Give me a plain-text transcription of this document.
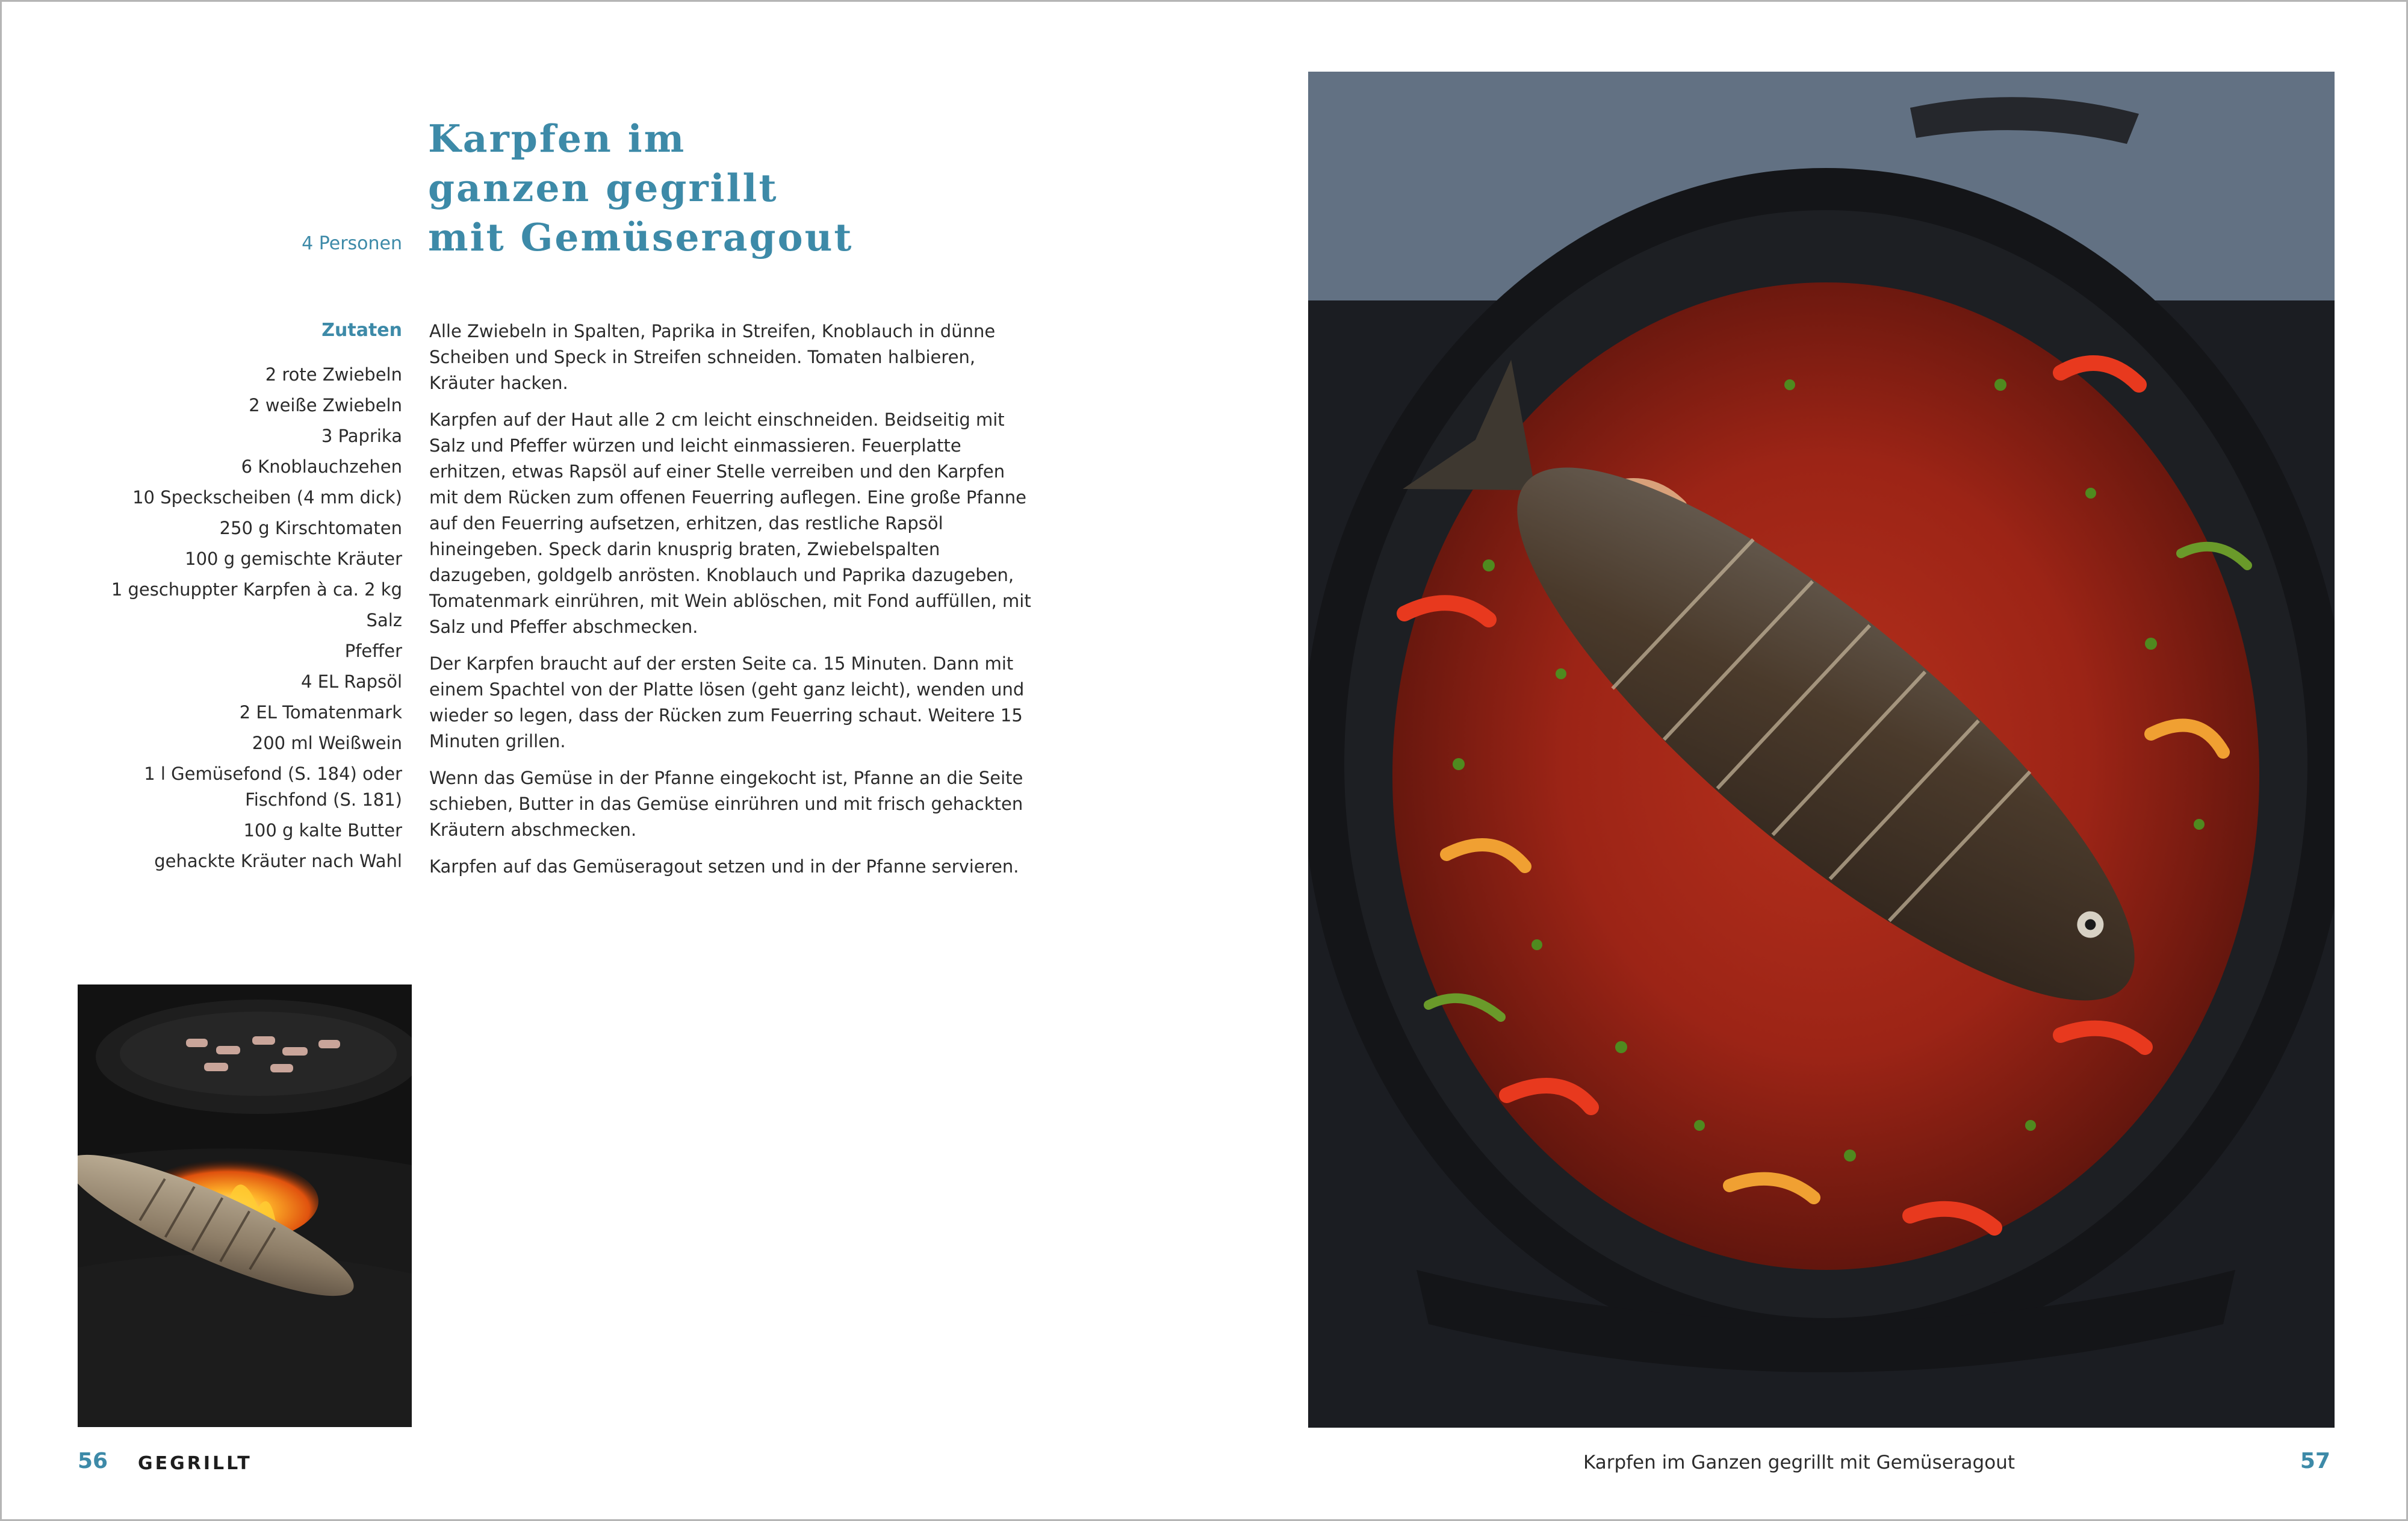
Karpfen im
ganzen gegrillt
mit Gemüseragout
4 Personen
Zutaten
2 rote Zwiebeln
2 weiße Zwiebeln
3 Paprika
6 Knoblauchzehen
10 Speckscheiben (4 mm dick)
250 g Kirschtomaten
100 g gemischte Kräuter
1 geschuppter Karpfen à ca. 2 kg
Salz
Pfeffer
4 EL Rapsöl
2 EL Tomatenmark
200 ml Weißwein
1 l Gemüsefond (S. 184) oder Fischfond (S. 181)
100 g kalte Butter
gehackte Kräuter nach Wahl

Alle Zwiebeln in Spalten, Paprika in Streifen, Knoblauch in dünne Scheiben und Speck in Streifen schneiden. Tomaten halbieren, Kräuter hacken.

Karpfen auf der Haut alle 2 cm leicht einschneiden. Beidseitig mit Salz und Pfeffer würzen und leicht einmassieren. Feuerplatte erhitzen, etwas Rapsöl auf einer Stelle verreiben und den Karpfen mit dem Rücken zum offenen Feuerring auflegen. Eine große Pfanne auf den Feuerring aufsetzen, erhitzen, das restliche Rapsöl hineingeben. Speck darin knusprig braten, Zwiebelspalten dazugeben, goldgelb anrösten. Knoblauch und Paprika dazugeben, Tomatenmark einrühren, mit Wein ablöschen, mit Fond auffüllen, mit Salz und Pfeffer abschmecken.

Der Karpfen braucht auf der ersten Seite ca. 15 Minuten. Dann mit einem Spachtel von der Platte lösen (geht ganz leicht), wenden und wieder so legen, dass der Rücken zum Feuerring schaut. Weitere 15 Minuten grillen.

Wenn das Gemüse in der Pfanne eingekocht ist, Pfanne an die Seite schieben, Butter in das Gemüse einrühren und mit frisch gehackten Kräutern abschmecken.

Karpfen auf das Gemüseragout setzen und in der Pfanne servieren.

56 GEGRILLT	Karpfen im Ganzen gegrillt mit Gemüseragout	57
